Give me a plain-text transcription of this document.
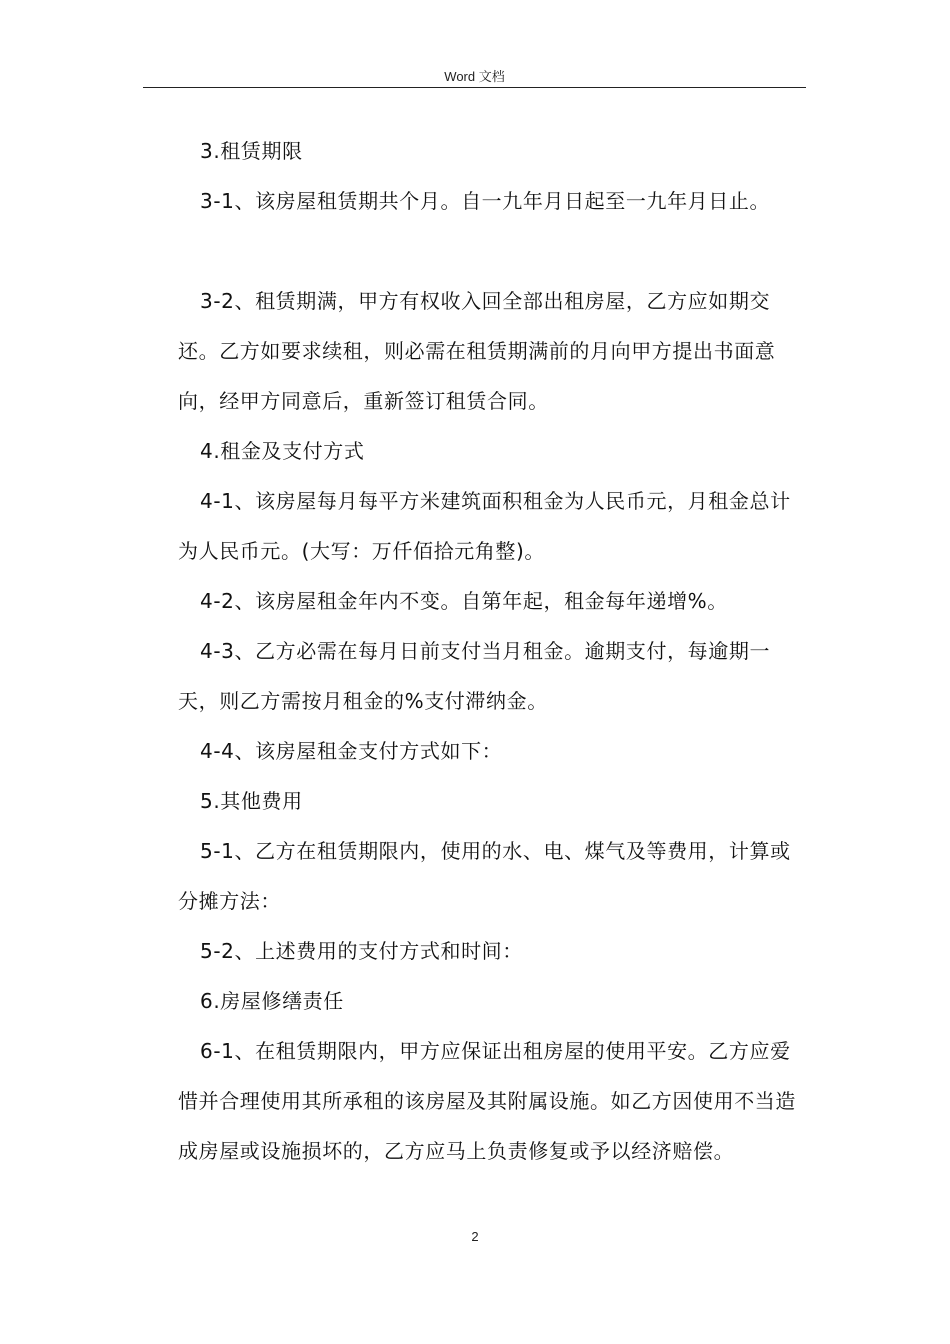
Word 文档

3.租赁期限

3-1、该房屋租赁期共个月。自一九年月日起至一九年月日止。

3-2、租赁期满，甲方有权收入回全部出租房屋，乙方应如期交还。乙方如要求续租，则必需在租赁期满前的月向甲方提出书面意向，经甲方同意后，重新签订租赁合同。

4.租金及支付方式

4-1、该房屋每月每平方米建筑面积租金为人民币元，月租金总计为人民币元。(大写：万仟佰拾元角整)。

4-2、该房屋租金年内不变。自第年起，租金每年递增%。

4-3、乙方必需在每月日前支付当月租金。逾期支付，每逾期一天，则乙方需按月租金的%支付滞纳金。

4-4、该房屋租金支付方式如下：

5.其他费用

5-1、乙方在租赁期限内，使用的水、电、煤气及等费用，计算或分摊方法：

5-2、上述费用的支付方式和时间：

6.房屋修缮责任

6-1、在租赁期限内，甲方应保证出租房屋的使用平安。乙方应爱惜并合理使用其所承租的该房屋及其附属设施。如乙方因使用不当造成房屋或设施损坏的，乙方应马上负责修复或予以经济赔偿。

2
